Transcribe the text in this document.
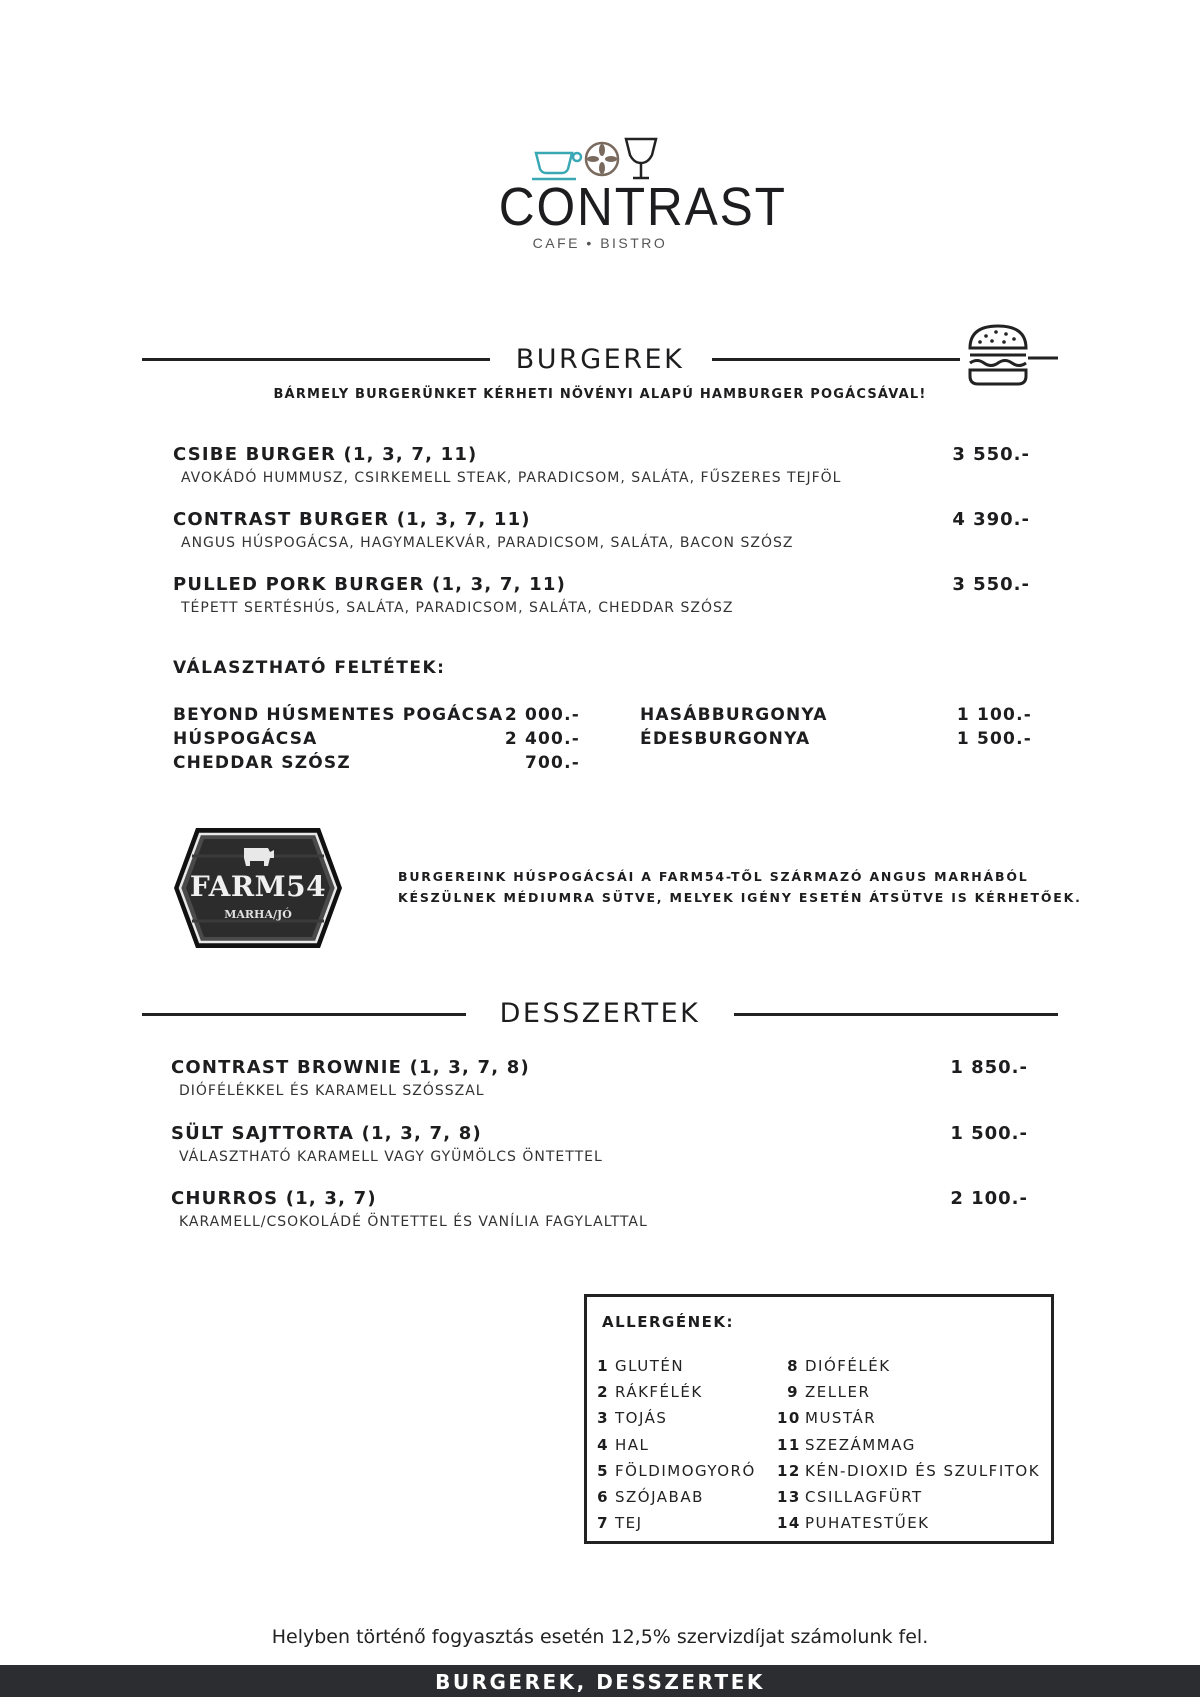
CONTRAST
CAFE • BISTRO
BURGEREK
BÁRMELY BURGERÜNKET KÉRHETI NÖVÉNYI ALAPÚ HAMBURGER POGÁCSÁVAL!
CSIBE BURGER (1, 3, 7, 11)	3 550.-
AVOKÁDÓ HUMMUSZ, CSIRKEMELL STEAK, PARADICSOM, SALÁTA, FŰSZERES TEJFÖL
CONTRAST BURGER (1, 3, 7, 11)	4 390.-
ANGUS HÚSPOGÁCSA, HAGYMALEKVÁR, PARADICSOM, SALÁTA, BACON SZÓSZ
PULLED PORK BURGER (1, 3, 7, 11)	3 550.-
TÉPETT SERTÉSHÚS, SALÁTA, PARADICSOM, SALÁTA, CHEDDAR SZÓSZ
VÁLASZTHATÓ FELTÉTEK:
BEYOND HÚSMENTES POGÁCSA 2 000.-
HÚSPOGÁCSA	2 400.-
CHEDDAR SZÓSZ	700.-
HASÁBBURGONYA	1 100.-
ÉDESBURGONYA	1 500.-
FARM54
MARHA/JÓ
BURGEREINK HÚSPOGÁCSÁI A FARM54-TŐL SZÁRMAZÓ ANGUS MARHÁBÓL
KÉSZÜLNEK MÉDIUMRA SÜTVE, MELYEK IGÉNY ESETÉN ÁTSÜTVE IS KÉRHETŐEK.
DESSZERTEK
CONTRAST BROWNIE (1, 3, 7, 8)	1 850.-
DIÓFÉLÉKKEL ÉS KARAMELL SZÓSSZAL
SÜLT SAJTTORTA (1, 3, 7, 8)	1 500.-
VÁLASZTHATÓ KARAMELL VAGY GYÜMÖLCS ÖNTETTEL
CHURROS (1, 3, 7)	2 100.-
KARAMELL/CSOKOLÁDÉ ÖNTETTEL ÉS VANÍLIA FAGYLALTTAL
ALLERGÉNEK:
1 GLUTÉN
2 RÁKFÉLÉK
3 TOJÁS
4 HAL
5 FÖLDIMOGYORÓ
6 SZÓJABAB
7 TEJ
8 DIÓFÉLÉK
9 ZELLER
10 MUSTÁR
11 SZEZÁMMAG
12 KÉN-DIOXID ÉS SZULFITOK
13 CSILLAGFÜRT
14 PUHATESTŰEK
Helyben történő fogyasztás esetén 12,5% szervizdíjat számolunk fel.
BURGEREK, DESSZERTEK
